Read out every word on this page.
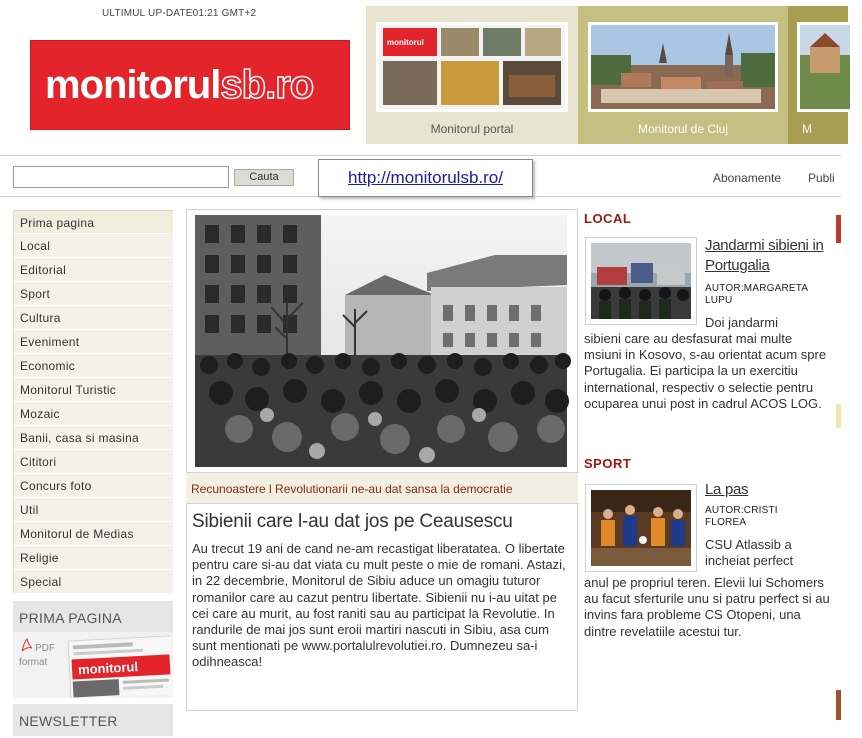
ULTIMUL UP-DATE01:21 GMT+2
monitorulsb.ro
monitorul
Monitorul portal	Monitorul de Cluj	M
Cauta	http://monitorulsb.ro/	Abonamente Publi
Prima pagina
Local
Editorial
Sport
Cultura
Eveniment
Economic
Monitorul Turistic
Mozaic
Banii, casa si masina
Cititori
Concurs foto
Util
Monitorul de Medias
Religie
Special
PRIMA PAGINA
PDF
format	monitorul
NEWSLETTER
Recunoastere l Revolutionarii ne-au dat sansa la democratie
Sibienii care l-au dat jos pe Ceausescu
Au trecut 19 ani de cand ne-am recastigat liberatatea. O libertate pentru care si-au dat viata cu mult peste o mie de romani. Astazi, in 22 decembrie, Monitorul de Sibiu aduce un omagiu tuturor romanilor care au cazut pentru libertate. Sibienii nu i-au uitat pe cei care au murit, au fost raniti sau au participat la Revolutie. In randurile de mai jos sunt eroii martiri nascuti in Sibiu, asa cum sunt mentionati pe www.portalulrevolutiei.ro. Dumnezeu sa-i odihneasca!
LOCAL
Jandarmi sibieni in
Portugalia
AUTOR:MARGARETA
LUPU
Doi jandarmi
sibieni care au desfasurat mai multe msiuni in Kosovo, s-au orientat acum spre Portugalia. Ei participa la un exercitiu international, respectiv o selectie pentru ocuparea unui post in cadrul ACOS LOG.
SPORT
La pas
AUTOR:CRISTI
FLOREA
CSU Atlassib a
incheiat perfect
anul pe propriul teren. Elevii lui Schomers au facut sferturile unu si patru perfect si au invins fara probleme CS Otopeni, una dintre revelatiile acestui tur.
